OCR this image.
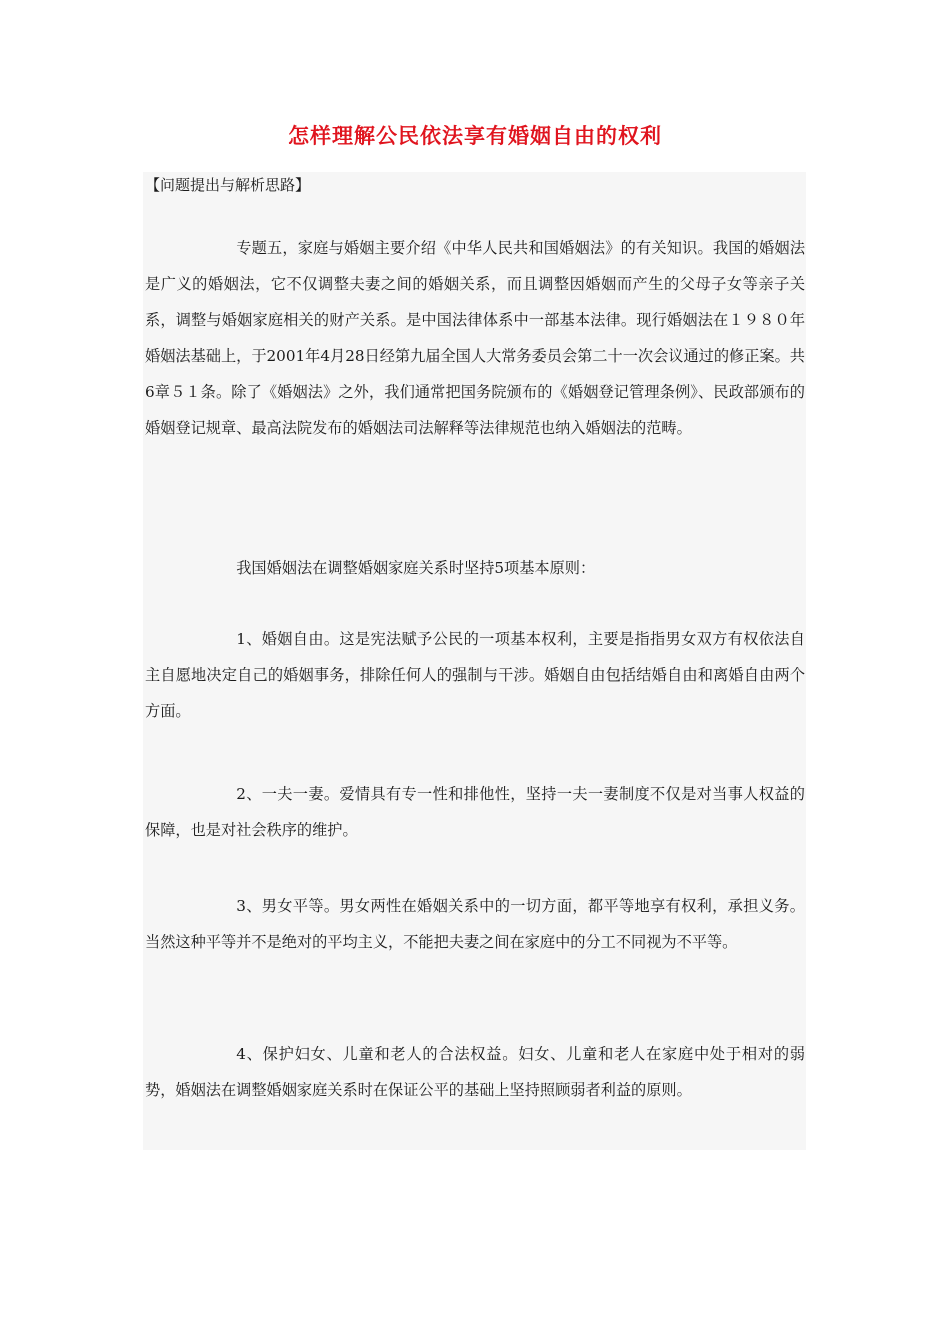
怎样理解公民依法享有婚姻自由的权利
【问题提出与解析思路】

专题五，家庭与婚姻主要介绍《中华人民共和国婚姻法》的有关知识。我国的婚姻法是广义的婚姻法，它不仅调整夫妻之间的婚姻关系，而且调整因婚姻而产生的父母子女等亲子关系，调整与婚姻家庭相关的财产关系。是中国法律体系中一部基本法律。现行婚姻法在１９８０年婚姻法基础上，于2001年4月28日经第九届全国人大常务委员会第二十一次会议通过的修正案。共6章５１条。除了《婚姻法》之外，我们通常把国务院颁布的《婚姻登记管理条例》、民政部颁布的婚姻登记规章、最高法院发布的婚姻法司法解释等法律规范也纳入婚姻法的范畴。

我国婚姻法在调整婚姻家庭关系时坚持5项基本原则：

1、婚姻自由。这是宪法赋予公民的一项基本权利，主要是指指男女双方有权依法自主自愿地决定自己的婚姻事务，排除任何人的强制与干涉。婚姻自由包括结婚自由和离婚自由两个方面。

2、一夫一妻。爱情具有专一性和排他性，坚持一夫一妻制度不仅是对当事人权益的保障，也是对社会秩序的维护。

3、男女平等。男女两性在婚姻关系中的一切方面，都平等地享有权利，承担义务。当然这种平等并不是绝对的平均主义，不能把夫妻之间在家庭中的分工不同视为不平等。

4、保护妇女、儿童和老人的合法权益。妇女、儿童和老人在家庭中处于相对的弱势，婚姻法在调整婚姻家庭关系时在保证公平的基础上坚持照顾弱者利益的原则。
